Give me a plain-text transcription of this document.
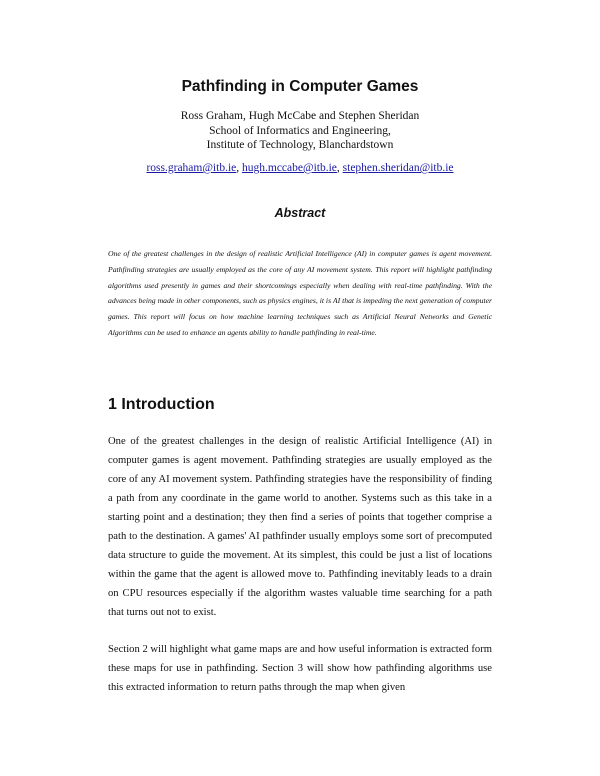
Pathfinding in Computer Games
Ross Graham, Hugh McCabe and Stephen Sheridan
School of Informatics and Engineering,
Institute of Technology, Blanchardstown
ross.graham@itb.ie, hugh.mccabe@itb.ie, stephen.sheridan@itb.ie
Abstract
One of the greatest challenges in the design of realistic Artificial Intelligence (AI) in computer games is agent movement. Pathfinding strategies are usually employed as the core of any AI movement system. This report will highlight pathfinding algorithms used presently in games and their shortcomings especially when dealing with real-time pathfinding. With the advances being made in other components, such as physics engines, it is AI that is impeding the next generation of computer games. This report will focus on how machine learning techniques such as Artificial Neural Networks and Genetic Algorithms can be used to enhance an agents ability to handle pathfinding in real-time.
1 Introduction
One of the greatest challenges in the design of realistic Artificial Intelligence (AI) in computer games is agent movement. Pathfinding strategies are usually employed as the core of any AI movement system. Pathfinding strategies have the responsibility of finding a path from any coordinate in the game world to another. Systems such as this take in a starting point and a destination; they then find a series of points that together comprise a path to the destination. A games' AI pathfinder usually employs some sort of precomputed data structure to guide the movement. At its simplest, this could be just a list of locations within the game that the agent is allowed move to. Pathfinding inevitably leads to a drain on CPU resources especially if the algorithm wastes valuable time searching for a path that turns out not to exist.
Section 2 will highlight what game maps are and how useful information is extracted form these maps for use in pathfinding. Section 3 will show how pathfinding algorithms use this extracted information to return paths through the map when given
